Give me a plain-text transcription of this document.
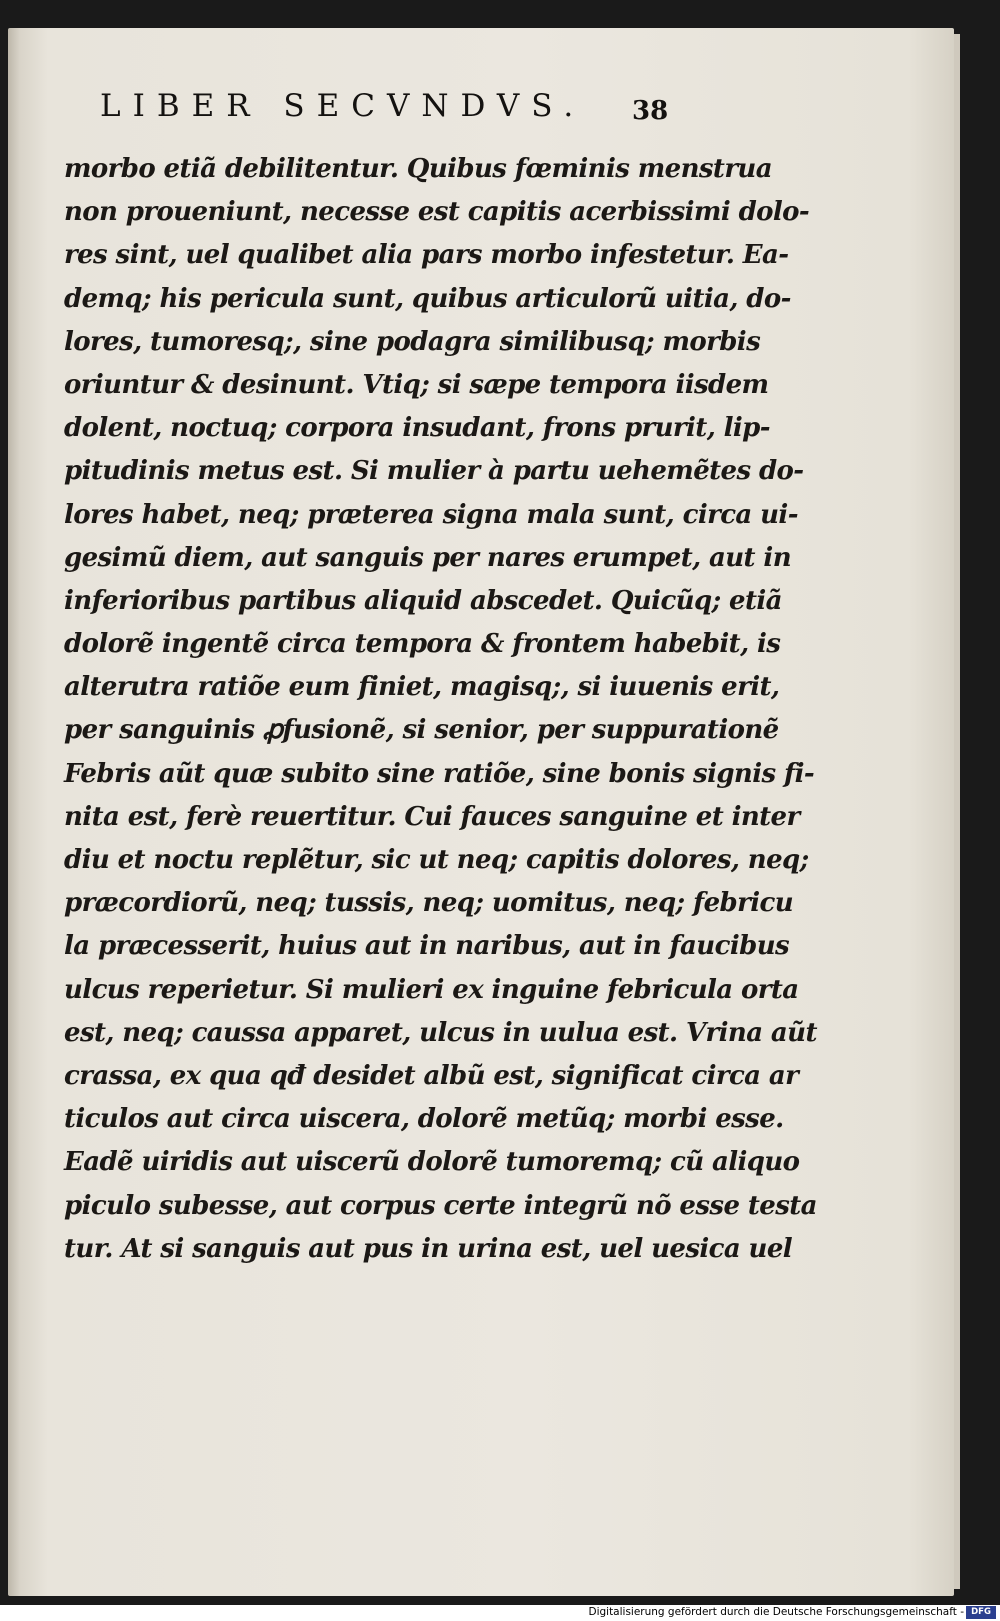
LIBER SECVNDVS.	38
morbo etiã debilitentur. Quibus fœminis menstrua
non proueniunt, necesse est capitis acerbissimi dolo-
res sint, uel qualibet alia pars morbo infestetur. Ea-
demq; his pericula sunt, quibus articulorũ uitia, do-
lores, tumoresq;, sine podagra similibusq; morbis
oriuntur & desinunt. Vtiq; si sæpe tempora iisdem
dolent, noctuq; corpora insudant, frons prurit, lip-
pitudinis metus est. Si mulier à partu uehemẽtes do-
lores habet, neq; præterea signa mala sunt, circa ui-
gesimũ diem, aut sanguis per nares erumpet, aut in
inferioribus partibus aliquid abscedet. Quicũq; etiã
dolorẽ ingentẽ circa tempora & frontem habebit, is
alterutra ratiõe eum finiet, magisq;, si iuuenis erit,
per sanguinis ꝓfusionẽ, si senior, per suppurationẽ
Febris aũt quæ subito sine ratiõe, sine bonis signis fi-
nita est, ferè reuertitur. Cui fauces sanguine et inter
diu et noctu replẽtur, sic ut neq; capitis dolores, neq;
præcordiorũ, neq; tussis, neq; uomitus, neq; febricu
la præcesserit, huius aut in naribus, aut in faucibus
ulcus reperietur. Si mulieri ex inguine febricula orta
est, neq; caussa apparet, ulcus in uulua est. Vrina aũt
crassa, ex qua qđ desidet albũ est, significat circa ar
ticulos aut circa uiscera, dolorẽ metũq; morbi esse.
Eadẽ uiridis aut uiscerũ dolorẽ tumoremq; cũ aliquo
piculo subesse, aut corpus certe integrũ nõ esse testa
tur. At si sanguis aut pus in urina est, uel uesica uel
Digitalisierung gefördert durch die Deutsche Forschungsgemeinschaft - DFG
